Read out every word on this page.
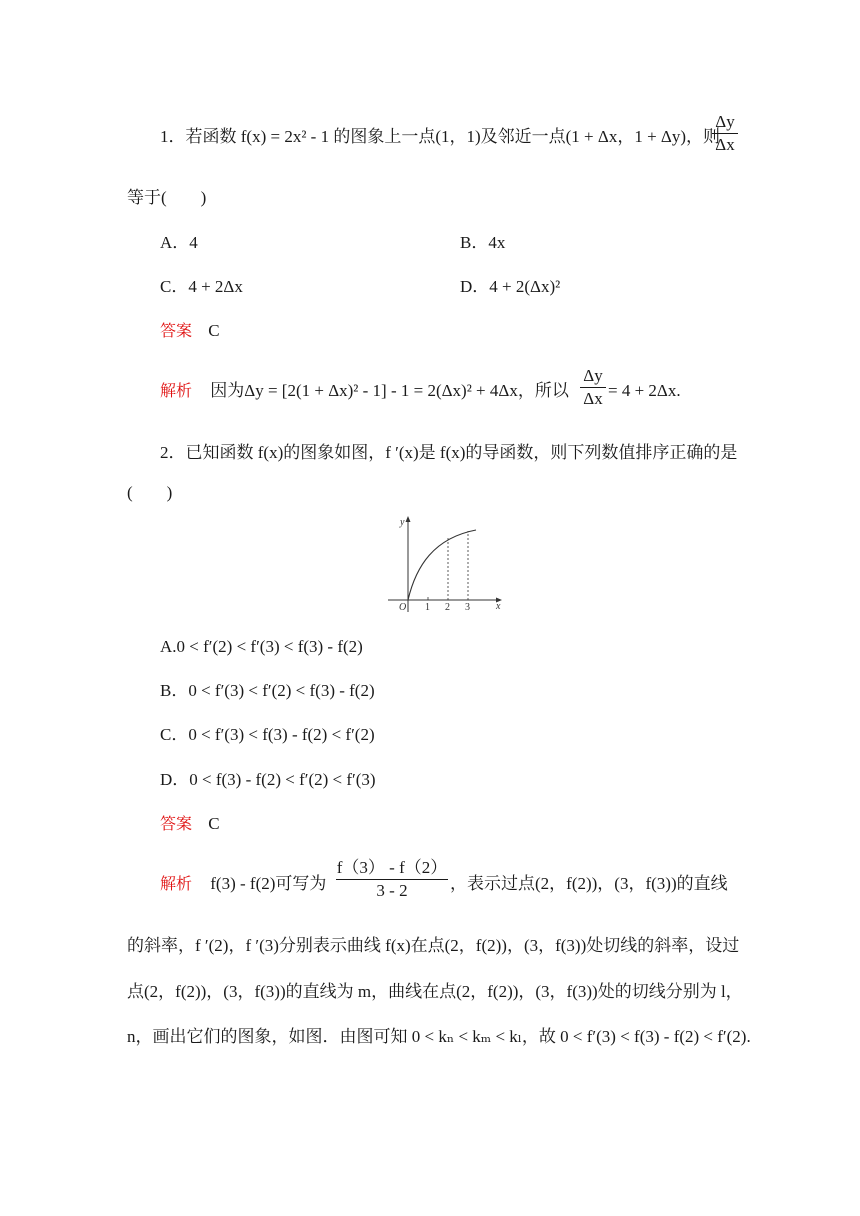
1．若函数 f(x) = 2x² - 1 的图象上一点(1，1)及邻近一点(1 + Δx，1 + Δy)，则
Δy
Δx
等于(　　)
A．4	B．4x
C．4 + 2Δx	D．4 + 2(Δx)²
答案 C
解析 因为Δy = [2(1 + Δx)² - 1] - 1 = 2(Δx)² + 4Δx，所以
Δy
Δx = 4 + 2Δx.
2．已知函数 f(x)的图象如图，f ′(x)是 f(x)的导函数，则下列数值排序正确的是
(　　)
y
x
O 1 2 3
A.0 < f′(2) < f′(3) < f(3) - f(2)
B．0 < f′(3) < f′(2) < f(3) - f(2)
C．0 < f′(3) < f(3) - f(2) < f′(2)
D．0 < f(3) - f(2) < f′(2) < f′(3)
答案 C
解析 f(3) - f(2)可写为
f（3） - f（2）
3 - 2	，表示过点(2，f(2))，(3，f(3))的直线
的斜率，f ′(2)，f ′(3)分别表示曲线 f(x)在点(2，f(2))，(3，f(3))处切线的斜率，设过
点(2，f(2))，(3，f(3))的直线为 m，曲线在点(2，f(2))，(3，f(3))处的切线分别为 l，
n，画出它们的图象，如图．由图可知 0 < kₙ < kₘ < kₗ，故 0 < f′(3) < f(3) - f(2) < f′(2).
